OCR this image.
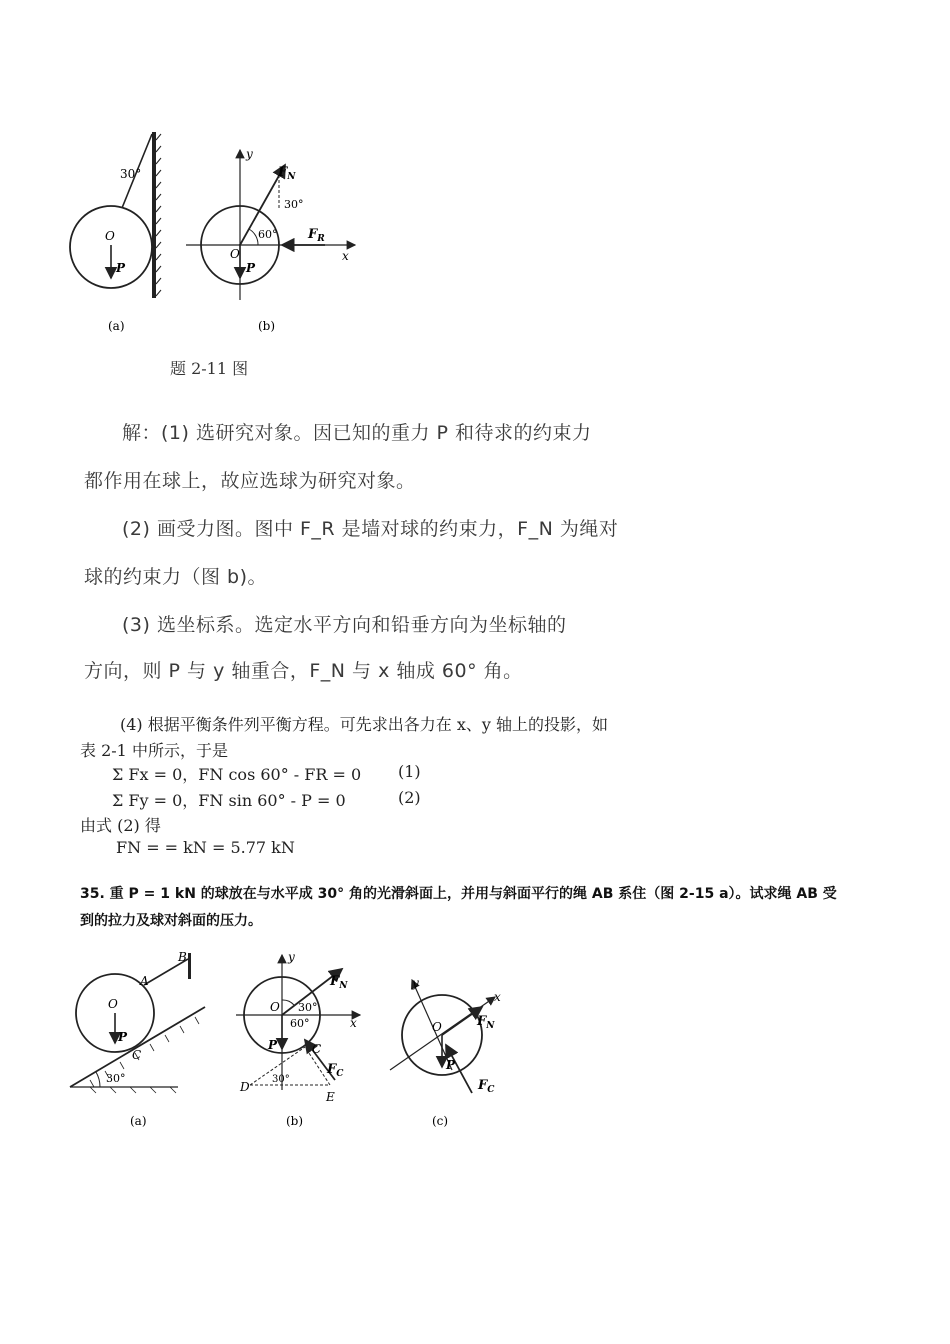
30°
O
P
(a)
y
x
$F_N$
30°
60° $F_R$
O
P
(b)
题 2-11 图
解：(1) 选研究对象。因已知的重力 P 和待求的约束力
都作用在球上，故应选球为研究对象。
(2) 画受力图。图中 F_R 是墙对球的约束力，F_N 为绳对
球的约束力（图 b)。
(3) 选坐标系。选定水平方向和铅垂方向为坐标轴的
方向，则 P 与 y 轴重合，F_N 与 x 轴成 60° 角。
(4) 根据平衡条件列平衡方程。可先求出各力在 x、y 轴上的投影，如
表 2-1 中所示，于是
Σ Fx = 0，FN cos 60° - FR = 0 (1)
Σ Fy = 0，FN sin 60° - P = 0	(2)
由式 (2) 得
FN = = kN = 5.77 kN
35. 重 P = 1 kN 的球放在与水平成 30° 角的光滑斜面上，并用与斜面平行的绳 AB 系住（图 2-15 a）。试求绳 AB 受
到的拉力及球对斜面的压力。
B
A
O
P
C
30°
(a)
y
x
$F_N$
30°
60°
O
P	C
$F_C$
D
E
30°
(b)
y
x
O	$F_N$
P
$F_C$
(c)
